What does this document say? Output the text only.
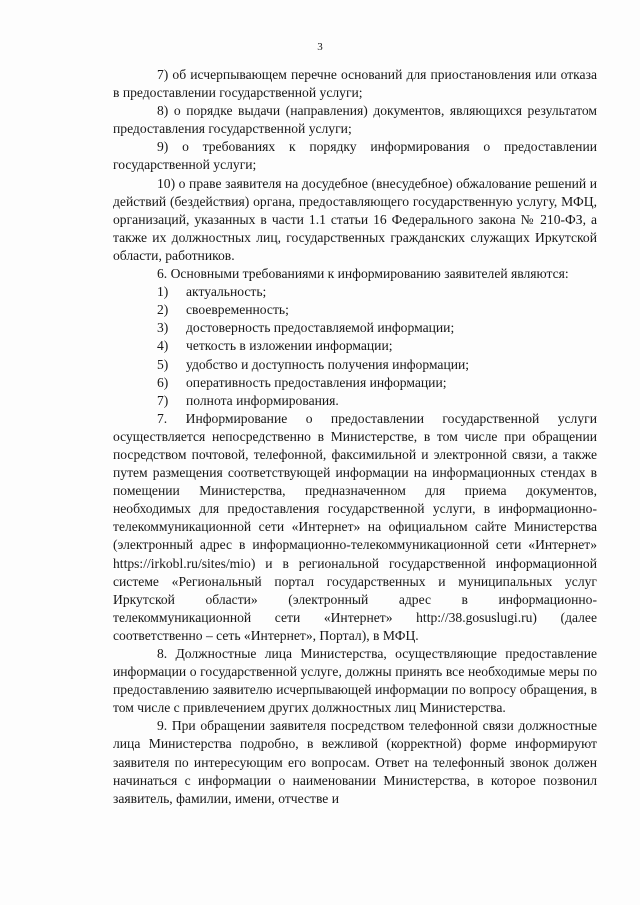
3

7) об исчерпывающем перечне оснований для приостановления или отказа в предоставлении государственной услуги;

8) о порядке выдачи (направления) документов, являющихся результатом предоставления государственной услуги;

9) о требованиях к порядку информирования о предоставлении государственной услуги;

10) о праве заявителя на досудебное (внесудебное) обжалование решений и действий (бездействия) органа, предоставляющего государственную услугу, МФЦ, организаций, указанных в части 1.1 статьи 16 Федерального закона № 210-ФЗ, а также их должностных лиц, государственных гражданских служащих Иркутской области, работников.

6. Основными требованиями к информированию заявителей являются:

1) актуальность;
2) своевременность;
3) достоверность предоставляемой информации;
4) четкость в изложении информации;
5) удобство и доступность получения информации;
6) оперативность предоставления информации;
7) полнота информирования.

7. Информирование о предоставлении государственной услуги осуществляется непосредственно в Министерстве, в том числе при обращении посредством почтовой, телефонной, факсимильной и электронной связи, а также путем размещения соответствующей информации на информационных стендах в помещении Министерства, предназначенном для приема документов, необходимых для предоставления государственной услуги, в информационно-телекоммуникационной сети «Интернет» на официальном сайте Министерства (электронный адрес в информационно-телекоммуникационной сети «Интернет» https://irkobl.ru/sites/mio) и в региональной государственной информационной системе «Региональный портал государственных и муниципальных услуг Иркутской области» (электронный адрес в информационно-телекоммуникационной сети «Интернет» http://38.gosuslugi.ru) (далее соответственно – сеть «Интернет», Портал), в МФЦ.

8. Должностные лица Министерства, осуществляющие предоставление информации о государственной услуге, должны принять все необходимые меры по предоставлению заявителю исчерпывающей информации по вопросу обращения, в том числе с привлечением других должностных лиц Министерства.

9. При обращении заявителя посредством телефонной связи должностные лица Министерства подробно, в вежливой (корректной) форме информируют заявителя по интересующим его вопросам. Ответ на телефонный звонок должен начинаться с информации о наименовании Министерства, в которое позвонил заявитель, фамилии, имени, отчестве и
